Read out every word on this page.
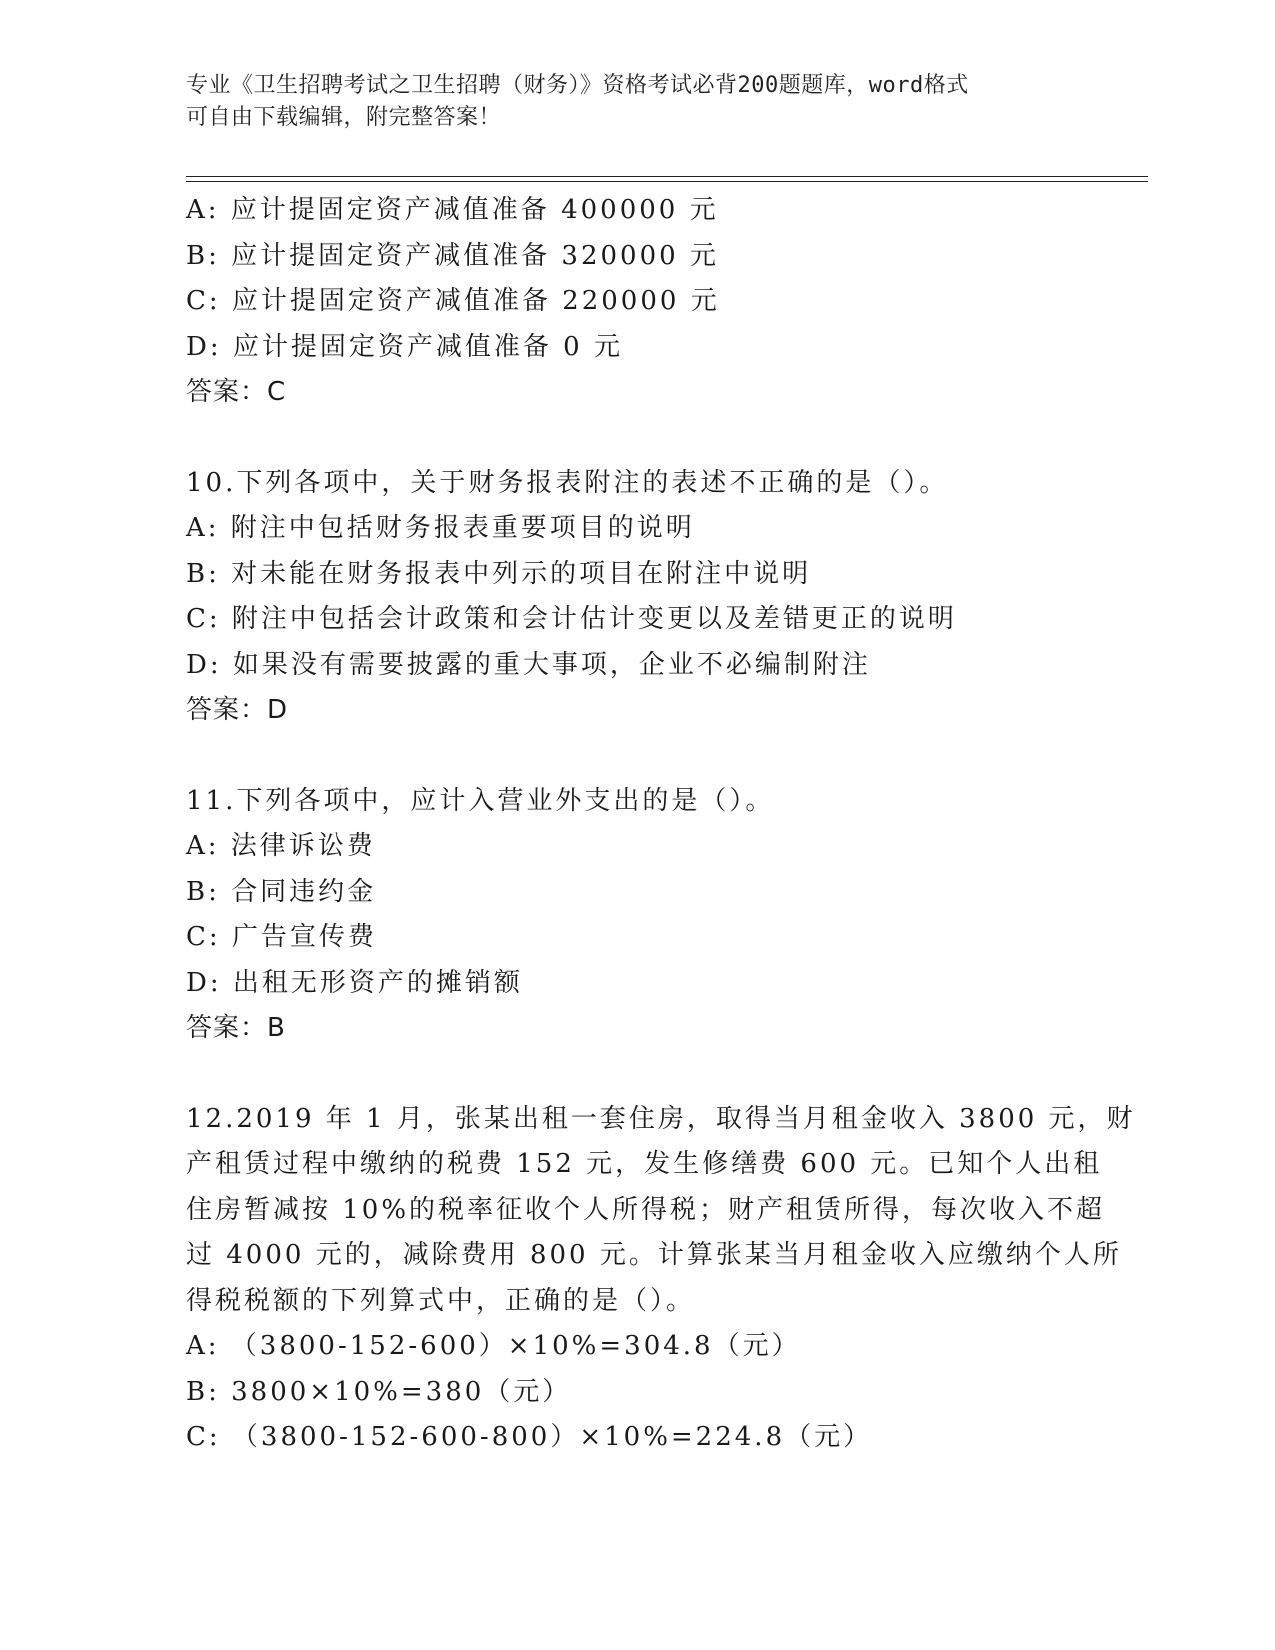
专业《卫生招聘考试之卫生招聘（财务）》资格考试必背200题题库，word格式
可自由下载编辑，附完整答案！
A: 应计提固定资产减值准备 400000 元
B: 应计提固定资产减值准备 320000 元
C: 应计提固定资产减值准备 220000 元
D: 应计提固定资产减值准备 0 元
答案：C
10.下列各项中，关于财务报表附注的表述不正确的是（）。
A: 附注中包括财务报表重要项目的说明
B: 对未能在财务报表中列示的项目在附注中说明
C: 附注中包括会计政策和会计估计变更以及差错更正的说明
D: 如果没有需要披露的重大事项，企业不必编制附注
答案：D
11.下列各项中，应计入营业外支出的是（）。
A: 法律诉讼费
B: 合同违约金
C: 广告宣传费
D: 出租无形资产的摊销额
答案：B
12.2019 年 1 月，张某出租一套住房，取得当月租金收入 3800 元，财
产租赁过程中缴纳的税费 152 元，发生修缮费 600 元。已知个人出租
住房暂减按 10%的税率征收个人所得税；财产租赁所得，每次收入不超
过 4000 元的，减除费用 800 元。计算张某当月租金收入应缴纳个人所
得税税额的下列算式中，正确的是（）。
A: （3800-152-600）×10%=304.8（元）
B: 3800×10%=380（元）
C: （3800-152-600-800）×10%=224.8（元）
